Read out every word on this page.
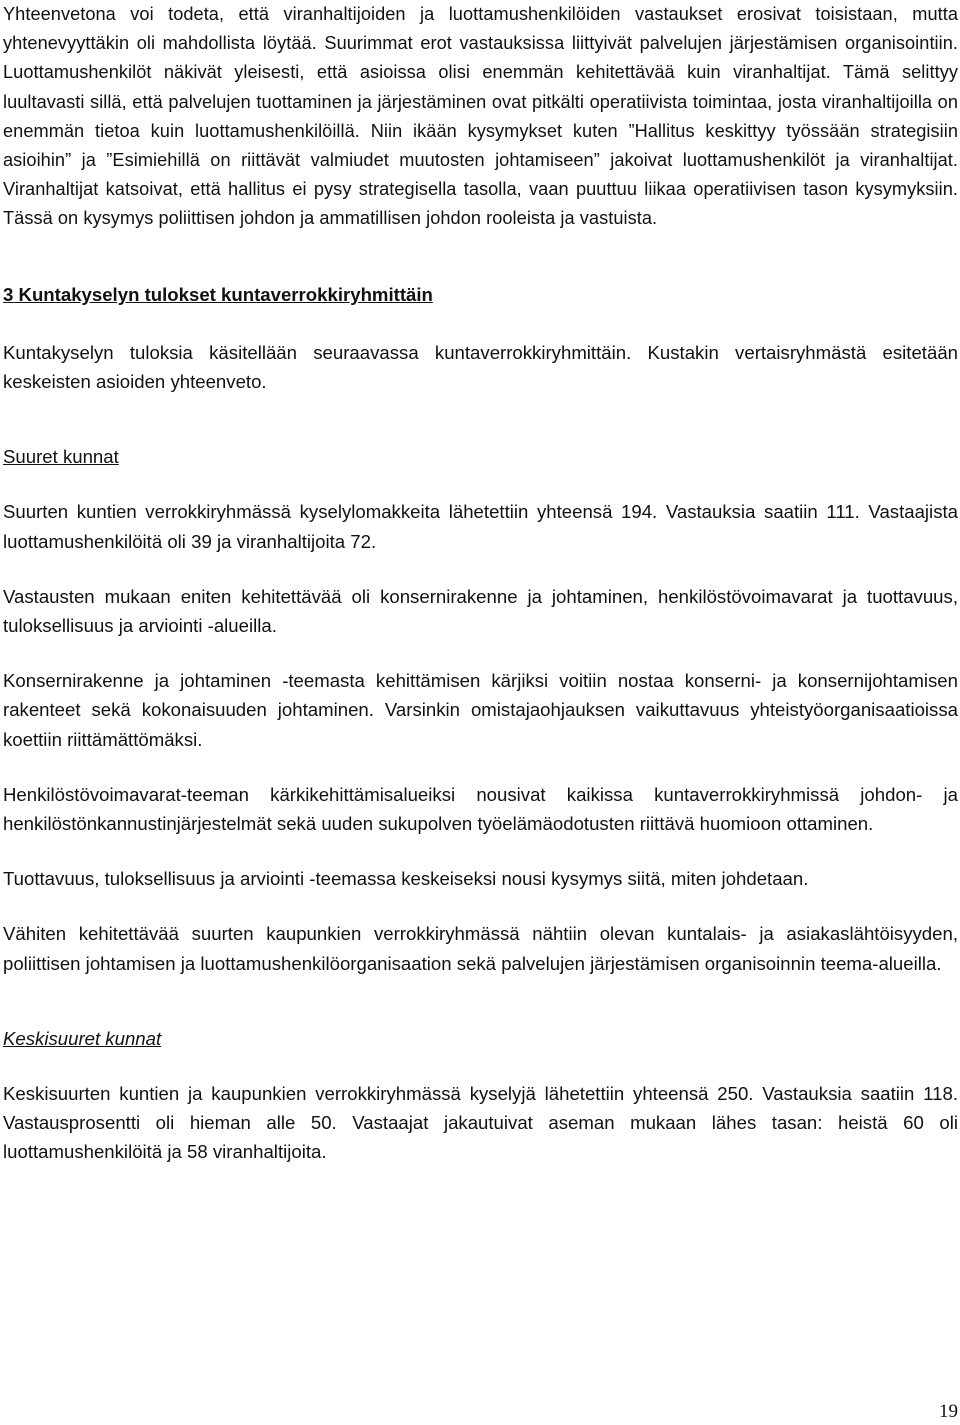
Yhteenvetona voi todeta, että viranhaltijoiden ja luottamushenkilöiden vastaukset erosivat toisistaan, mutta yhtenevyyttäkin oli mahdollista löytää. Suurimmat erot vastauksissa liittyivät palvelujen järjestämisen organisointiin. Luottamushenkilöt näkivät yleisesti, että asioissa olisi enemmän kehitettävää kuin viranhaltijat. Tämä selittyy luultavasti sillä, että palvelujen tuottaminen ja järjestäminen ovat pitkälti operatiivista toimintaa, josta viranhaltijoilla on enemmän tietoa kuin luottamushenkilöillä. Niin ikään kysymykset kuten ”Hallitus keskittyy työssään strategisiin asioihin” ja ”Esimiehillä on riittävät valmiudet muutosten johtamiseen” jakoivat luottamushenkilöt ja viranhaltijat. Viranhaltijat katsoivat, että hallitus ei pysy strategisella tasolla, vaan puuttuu liikaa operatiivisen tason kysymyksiin. Tässä on kysymys poliittisen johdon ja ammatillisen johdon rooleista ja vastuista.

3 Kuntakyselyn tulokset kuntaverrokkiryhmittäin

Kuntakyselyn tuloksia käsitellään seuraavassa kuntaverrokkiryhmittäin. Kustakin vertaisryhmästä esitetään keskeisten asioiden yhteenveto.

Suuret kunnat

Suurten kuntien verrokkiryhmässä kyselylomakkeita lähetettiin yhteensä 194. Vastauksia saatiin 111. Vastaajista luottamushenkilöitä oli 39 ja viranhaltijoita 72.

Vastausten mukaan eniten kehitettävää oli konsernirakenne ja johtaminen, henkilöstövoimavarat ja tuottavuus, tuloksellisuus ja arviointi -alueilla.

Konsernirakenne ja johtaminen -teemasta kehittämisen kärjiksi voitiin nostaa konserni- ja konsernijohtamisen rakenteet sekä kokonaisuuden johtaminen. Varsinkin omistajaohjauksen vaikuttavuus yhteistyöorganisaatioissa koettiin riittämättömäksi.

Henkilöstövoimavarat-teeman kärkikehittämisalueiksi nousivat kaikissa kuntaverrokkiryhmissä johdon- ja henkilöstönkannustinjärjestelmät sekä uuden sukupolven työelämäodotusten riittävä huomioon ottaminen.

Tuottavuus, tuloksellisuus ja arviointi -teemassa keskeiseksi nousi kysymys siitä, miten johdetaan.

Vähiten kehitettävää suurten kaupunkien verrokkiryhmässä nähtiin olevan kuntalais- ja asiakaslähtöisyyden, poliittisen johtamisen ja luottamushenkilöorganisaation sekä palvelujen järjestämisen organisoinnin teema-alueilla.

Keskisuuret kunnat

Keskisuurten kuntien ja kaupunkien verrokkiryhmässä kyselyjä lähetettiin yhteensä 250. Vastauksia saatiin 118. Vastausprosentti oli hieman alle 50. Vastaajat jakautuivat aseman mukaan lähes tasan: heistä 60 oli luottamushenkilöitä ja 58 viranhaltijoita.

19
